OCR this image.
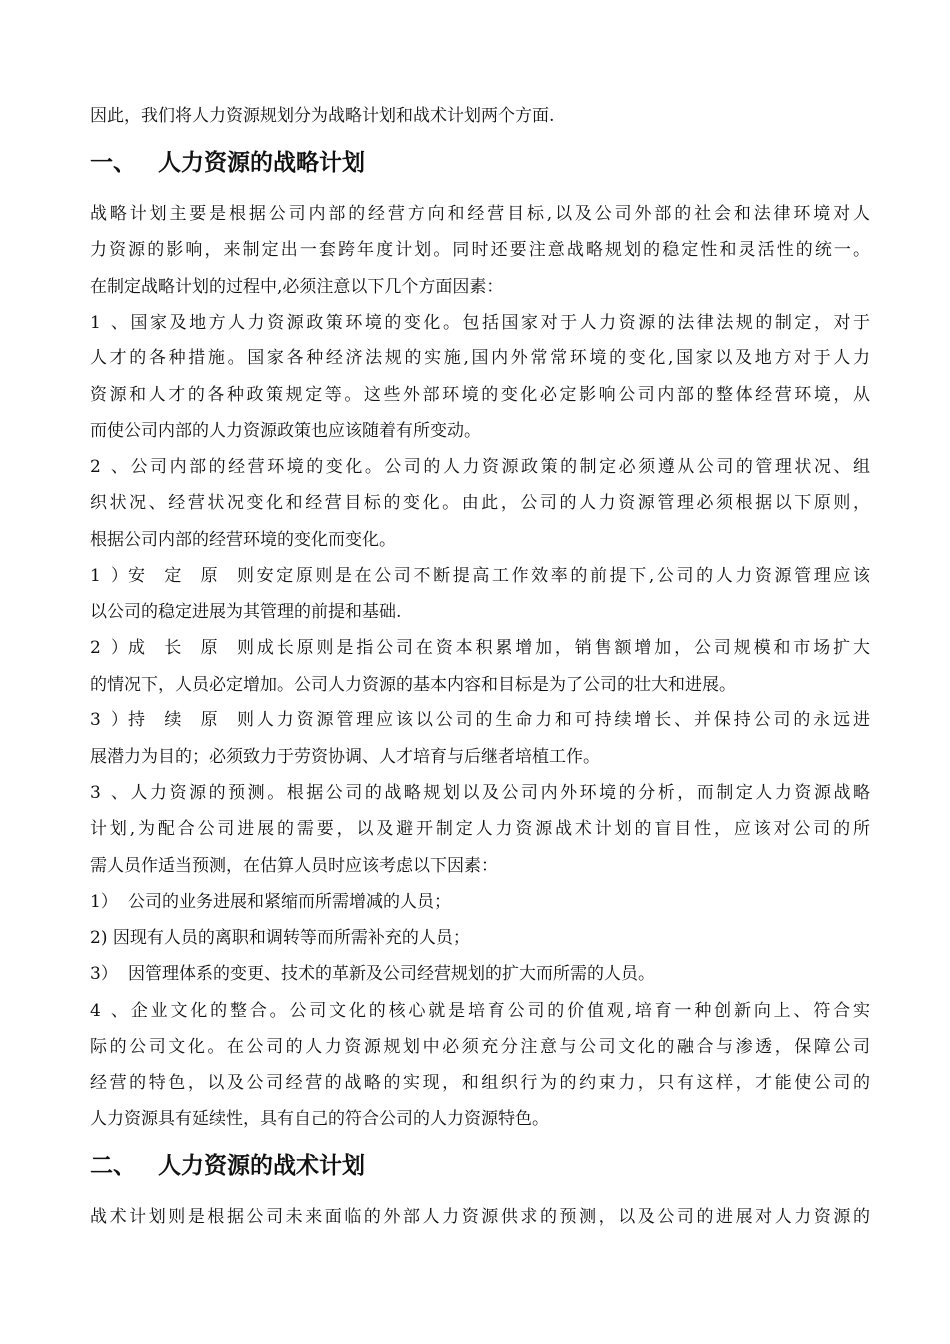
因此，我们将人力资源规划分为战略计划和战术计划两个方面.
一、 人力资源的战略计划
战略计划主要是根据公司内部的经营方向和经营目标,以及公司外部的社会和法律环境对人
力资源的影响，来制定出一套跨年度计划。同时还要注意战略规划的稳定性和灵活性的统一。
在制定战略计划的过程中,必须注意以下几个方面因素：
1、国家及地方人力资源政策环境的变化。包括国家对于人力资源的法律法规的制定，对于
人才的各种措施。国家各种经济法规的实施,国内外常常环境的变化,国家以及地方对于人力
资源和人才的各种政策规定等。这些外部环境的变化必定影响公司内部的整体经营环境，从
而使公司内部的人力资源政策也应该随着有所变动。
2、公司内部的经营环境的变化。公司的人力资源政策的制定必须遵从公司的管理状况、组
织状况、经营状况变化和经营目标的变化。由此，公司的人力资源管理必须根据以下原则，
根据公司内部的经营环境的变化而变化。
1）安定原则安定原则是在公司不断提高工作效率的前提下,公司的人力资源管理应该
以公司的稳定进展为其管理的前提和基础.
2）成长原则成长原则是指公司在资本积累增加，销售额增加，公司规模和市场扩大
的情况下，人员必定增加。公司人力资源的基本内容和目标是为了公司的壮大和进展。
3）持续原则人力资源管理应该以公司的生命力和可持续增长、并保持公司的永远进
展潜力为目的；必须致力于劳资协调、人才培育与后继者培植工作。
3、人力资源的预测。根据公司的战略规划以及公司内外环境的分析，而制定人力资源战略
计划,为配合公司进展的需要，以及避开制定人力资源战术计划的盲目性，应该对公司的所
需人员作适当预测，在估算人员时应该考虑以下因素：
1） 公司的业务进展和紧缩而所需增减的人员；
2) 因现有人员的离职和调转等而所需补充的人员；
3） 因管理体系的变更、技术的革新及公司经营规划的扩大而所需的人员。
4、企业文化的整合。公司文化的核心就是培育公司的价值观,培育一种创新向上、符合实
际的公司文化。在公司的人力资源规划中必须充分注意与公司文化的融合与渗透，保障公司
经营的特色，以及公司经营的战略的实现，和组织行为的约束力，只有这样，才能使公司的
人力资源具有延续性，具有自己的符合公司的人力资源特色。
二、 人力资源的战术计划
战术计划则是根据公司未来面临的外部人力资源供求的预测，以及公司的进展对人力资源的
